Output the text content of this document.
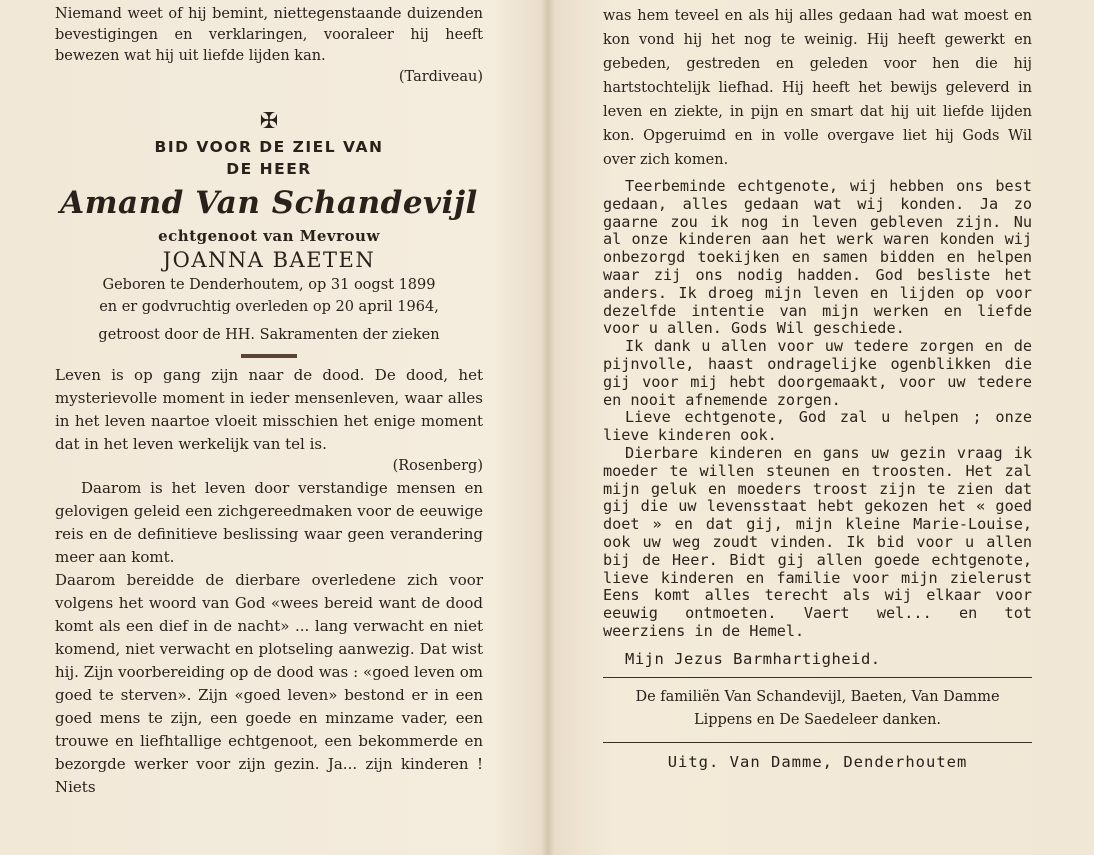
Niemand weet of hij bemint, niettegenstaande duizenden bevestigingen en verklaringen, vooraleer hij heeft bewezen wat hij uit liefde lijden kan.

(Tardiveau)

✠

BID VOOR DE ZIEL VAN

DE HEER

Amand Van Schandevijl

echtgenoot van Mevrouw

JOANNA BAETEN

Geboren te Denderhoutem, op 31 oogst 1899

en er godvruchtig overleden op 20 april 1964,

getroost door de HH. Sakramenten der zieken

Leven is op gang zijn naar de dood. De dood, het mysterievolle moment in ieder mensenleven, waar alles in het leven naartoe vloeit misschien het enige moment dat in het leven werkelijk van tel is.

(Rosenberg)

Daarom is het leven door verstandige mensen en gelovigen geleid een zichgereedmaken voor de eeuwige reis en de definitieve beslissing waar geen verandering meer aan komt.

Daarom bereidde de dierbare overledene zich voor volgens het woord van God «wees bereid want de dood komt als een dief in de nacht» ... lang verwacht en niet komend, niet verwacht en plotseling aanwezig. Dat wist hij. Zijn voorbereiding op de dood was : «goed leven om goed te sterven». Zijn «goed leven» bestond er in een goed mens te zijn, een goede en minzame vader, een trouwe en liefhtallige echtgenoot, een bekommerde en bezorgde werker voor zijn gezin. Ja... zijn kinderen ! Niets

was hem teveel en als hij alles gedaan had wat moest en kon vond hij het nog te weinig. Hij heeft gewerkt en gebeden, gestreden en geleden voor hen die hij hartstochtelijk liefhad. Hij heeft het bewijs geleverd in leven en ziekte, in pijn en smart dat hij uit liefde lijden kon. Opgeruimd en in volle overgave liet hij Gods Wil over zich komen.

Teerbeminde echtgenote, wij hebben ons best gedaan, alles gedaan wat wij konden. Ja zo gaarne zou ik nog in leven gebleven zijn. Nu al onze kinderen aan het werk waren konden wij onbezorgd toekijken en samen bidden en helpen waar zij ons nodig hadden. God besliste het anders. Ik droeg mijn leven en lijden op voor dezelfde intentie van mijn werken en liefde voor u allen. Gods Wil geschiede.

Ik dank u allen voor uw tedere zorgen en de pijnvolle, haast ondragelijke ogenblikken die gij voor mij hebt doorgemaakt, voor uw tedere en nooit afnemende zorgen.

Lieve echtgenote, God zal u helpen ; onze lieve kinderen ook.

Dierbare kinderen en gans uw gezin vraag ik moeder te willen steunen en troosten. Het zal mijn geluk en moeders troost zijn te zien dat gij die uw levensstaat hebt gekozen het « goed doet » en dat gij, mijn kleine Marie-Louise, ook uw weg zoudt vinden. Ik bid voor u allen bij de Heer. Bidt gij allen goede echtgenote, lieve kinderen en familie voor mijn zielerust Eens komt alles terecht als wij elkaar voor eeuwig ontmoeten. Vaert wel... en tot weerziens in de Hemel.

Mijn Jezus Barmhartigheid.

De familiën Van Schandevijl, Baeten, Van Damme

Lippens en De Saedeleer danken.

Uitg. Van Damme, Denderhoutem
